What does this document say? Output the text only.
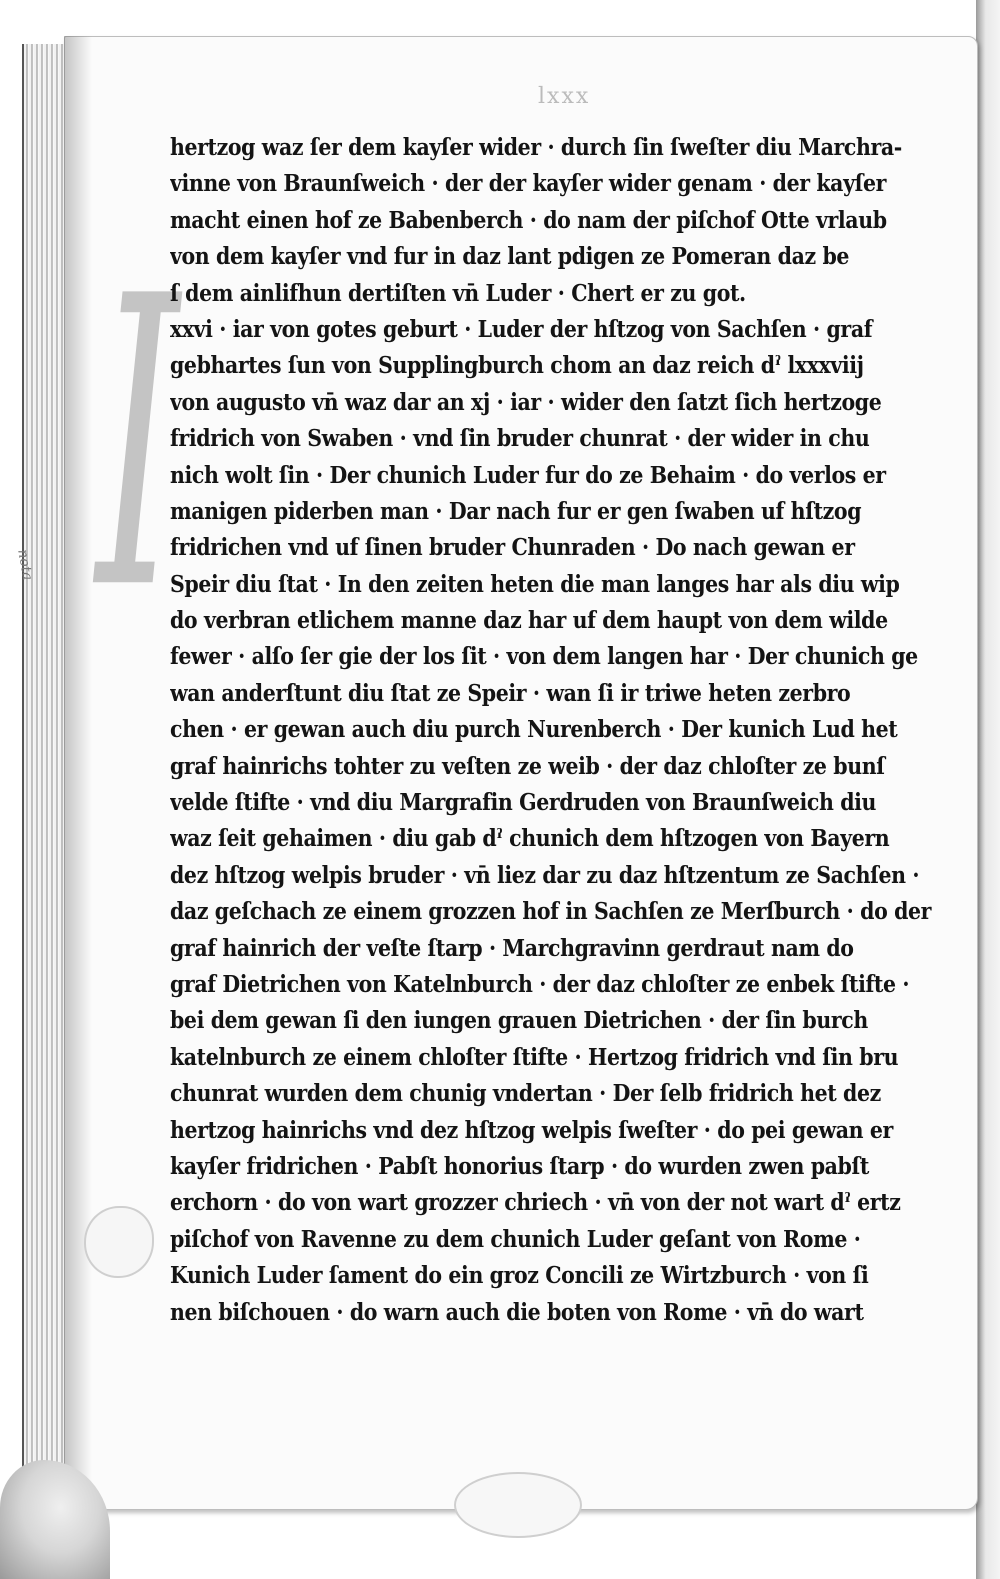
lxxx
I
nota
hertzog waz ſer dem kayſer wider · durch ſin ſweſter diu Marchra-
vinne von Braunſweich · der der kayſer wider genam · der kayſer
macht einen hof ze Babenberch · do nam der piſchof Otte vrlaub
von dem kayſer vnd fur in daz lant pdigen ze Pomeran daz be
ſ dem ainlifhun dertiſten vn̄ Luder · Chert er zu got.
xxvi · iar von gotes geburt · Luder der hſtzog von Sachſen · graf
gebhartes ſun von Supplingburch chom an daz reich dˀ lxxxviij
von augusto vn̄ waz dar an xj · iar · wider den ſatzt ſich hertzoge
fridrich von Swaben · vnd ſin bruder chunrat · der wider in chu
nich wolt ſin · Der chunich Luder fur do ze Behaim · do verlos er
manigen piderben man · Dar nach fur er gen ſwaben uf hſtzog
fridrichen vnd uf ſinen bruder Chunraden · Do nach gewan er
Speir diu ſtat · In den zeiten heten die man langes har als diu wip
do verbran etlichem manne daz har uf dem haupt von dem wilde
fewer · alſo ſer gie der los ſit · von dem langen har · Der chunich ge
wan anderſtunt diu ſtat ze Speir · wan ſi ir triwe heten zerbro
chen · er gewan auch diu purch Nurenberch · Der kunich Lud het
graf hainrichs tohter zu veſten ze weib · der daz chloſter ze bunſ
velde ſtifte · vnd diu Margrafin Gerdruden von Braunſweich diu
waz ſeit gehaimen · diu gab dˀ chunich dem hſtzogen von Bayern
dez hſtzog welpis bruder · vn̄ liez dar zu daz hſtzentum ze Sachſen ·
daz geſchach ze einem grozzen hof in Sachſen ze Merſburch · do der
graf hainrich der veſte ſtarp · Marchgravinn gerdraut nam do
graf Dietrichen von Katelnburch · der daz chloſter ze enbek ſtifte ·
bei dem gewan ſi den iungen grauen Dietrichen · der ſin burch
katelnburch ze einem chloſter ſtifte · Hertzog fridrich vnd ſin bru
chunrat wurden dem chunig vndertan · Der ſelb fridrich het dez
hertzog hainrichs vnd dez hſtzog welpis ſweſter · do pei gewan er
kayſer fridrichen · Pabſt honorius ſtarp · do wurden zwen pabſt
erchorn · do von wart grozzer chriech · vn̄ von der not wart dˀ ertz
piſchof von Ravenne zu dem chunich Luder geſant von Rome ·
Kunich Luder ſament do ein groz Concili ze Wirtzburch · von ſi
nen biſchouen · do warn auch die boten von Rome · vn̄ do wart
